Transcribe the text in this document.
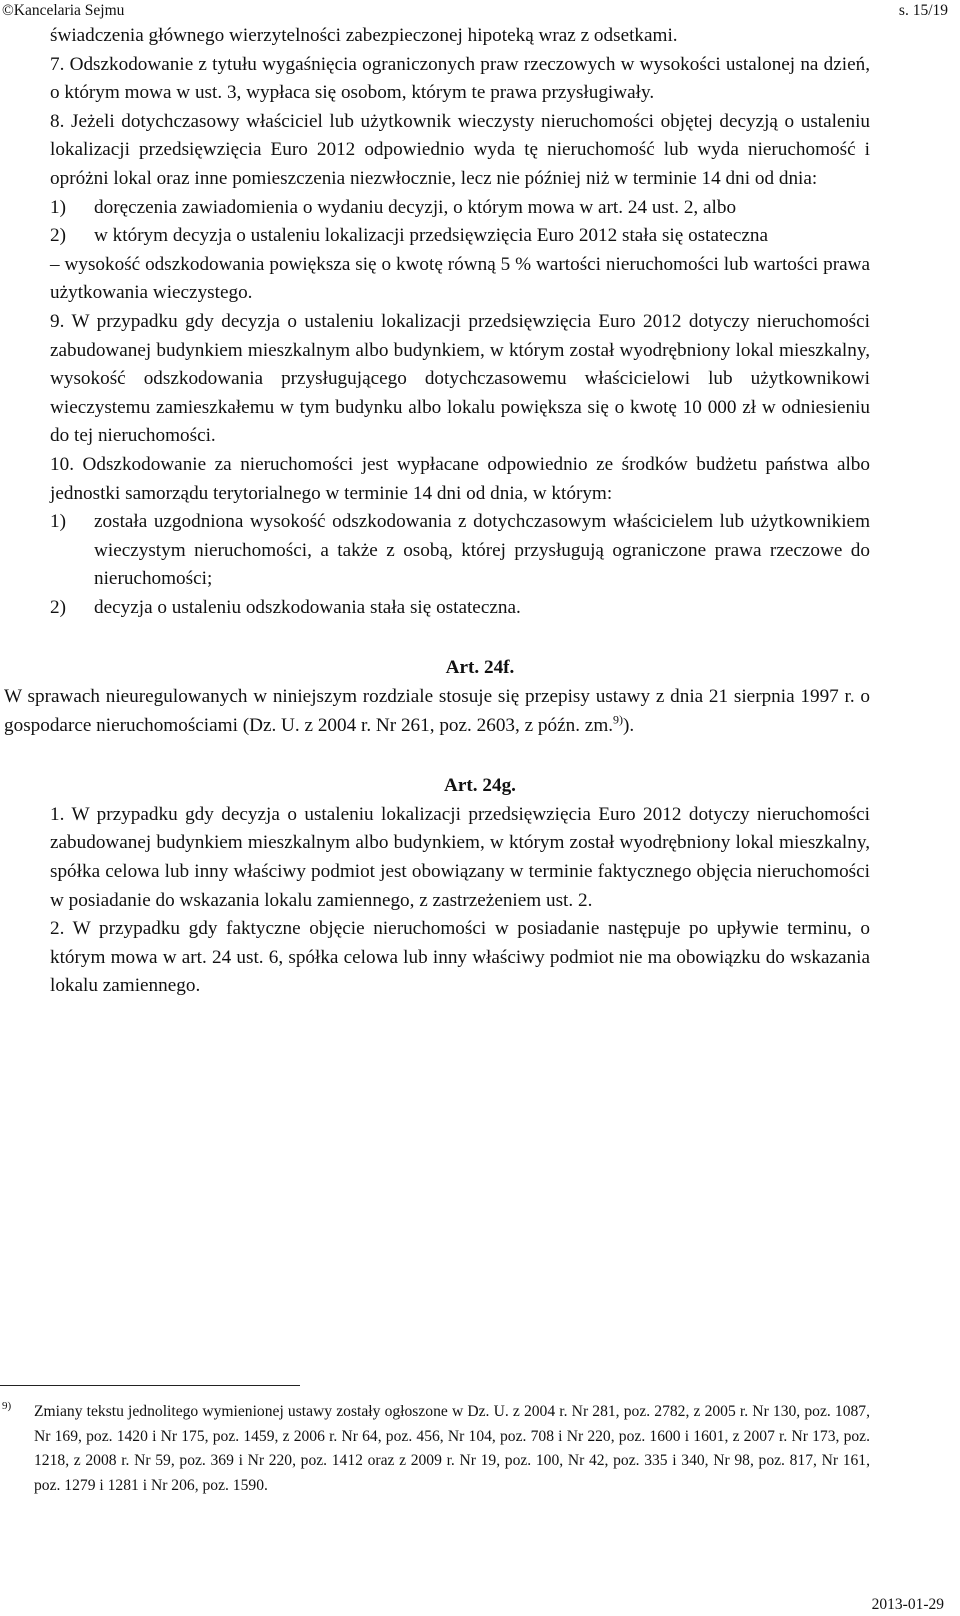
©Kancelaria Sejmu	s. 15/19
świadczenia głównego wierzytelności zabezpieczonej hipoteką wraz z odsetkami.
7. Odszkodowanie z tytułu wygaśnięcia ograniczonych praw rzeczowych w wysokości ustalonej na dzień, o którym mowa w ust. 3, wypłaca się osobom, którym te prawa przysługiwały.
8. Jeżeli dotychczasowy właściciel lub użytkownik wieczysty nieruchomości objętej decyzją o ustaleniu lokalizacji przedsięwzięcia Euro 2012 odpowiednio wyda tę nieruchomość lub wyda nieruchomość i opróżni lokal oraz inne pomieszczenia niezwłocznie, lecz nie później niż w terminie 14 dni od dnia:
1) doręczenia zawiadomienia o wydaniu decyzji, o którym mowa w art. 24 ust. 2, albo
2) w którym decyzja o ustaleniu lokalizacji przedsięwzięcia Euro 2012 stała się ostateczna
– wysokość odszkodowania powiększa się o kwotę równą 5 % wartości nieruchomości lub wartości prawa użytkowania wieczystego.
9. W przypadku gdy decyzja o ustaleniu lokalizacji przedsięwzięcia Euro 2012 dotyczy nieruchomości zabudowanej budynkiem mieszkalnym albo budynkiem, w którym został wyodrębniony lokal mieszkalny, wysokość odszkodowania przysługującego dotychczasowemu właścicielowi lub użytkownikowi wieczystemu zamieszkałemu w tym budynku albo lokalu powiększa się o kwotę 10 000 zł w odniesieniu do tej nieruchomości.
10. Odszkodowanie za nieruchomości jest wypłacane odpowiednio ze środków budżetu państwa albo jednostki samorządu terytorialnego w terminie 14 dni od dnia, w którym:
1) została uzgodniona wysokość odszkodowania z dotychczasowym właścicielem lub użytkownikiem wieczystym nieruchomości, a także z osobą, której przysługują ograniczone prawa rzeczowe do nieruchomości;
2) decyzja o ustaleniu odszkodowania stała się ostateczna.
Art. 24f.
W sprawach nieuregulowanych w niniejszym rozdziale stosuje się przepisy ustawy z dnia 21 sierpnia 1997 r. o gospodarce nieruchomościami (Dz. U. z 2004 r. Nr 261, poz. 2603, z późn. zm.$^{9)}$).
Art. 24g.
1. W przypadku gdy decyzja o ustaleniu lokalizacji przedsięwzięcia Euro 2012 dotyczy nieruchomości zabudowanej budynkiem mieszkalnym albo budynkiem, w którym został wyodrębniony lokal mieszkalny, spółka celowa lub inny właściwy podmiot jest obowiązany w terminie faktycznego objęcia nieruchomości w posiadanie do wskazania lokalu zamiennego, z zastrzeżeniem ust. 2.
2. W przypadku gdy faktyczne objęcie nieruchomości w posiadanie następuje po upływie terminu, o którym mowa w art. 24 ust. 6, spółka celowa lub inny właściwy podmiot nie ma obowiązku do wskazania lokalu zamiennego.
9) Zmiany tekstu jednolitego wymienionej ustawy zostały ogłoszone w Dz. U. z 2004 r. Nr 281, poz. 2782, z 2005 r. Nr 130, poz. 1087, Nr 169, poz. 1420 i Nr 175, poz. 1459, z 2006 r. Nr 64, poz. 456, Nr 104, poz. 708 i Nr 220, poz. 1600 i 1601, z 2007 r. Nr 173, poz. 1218, z 2008 r. Nr 59, poz. 369 i Nr 220, poz. 1412 oraz z 2009 r. Nr 19, poz. 100, Nr 42, poz. 335 i 340, Nr 98, poz. 817, Nr 161, poz. 1279 i 1281 i Nr 206, poz. 1590.
2013-01-29
